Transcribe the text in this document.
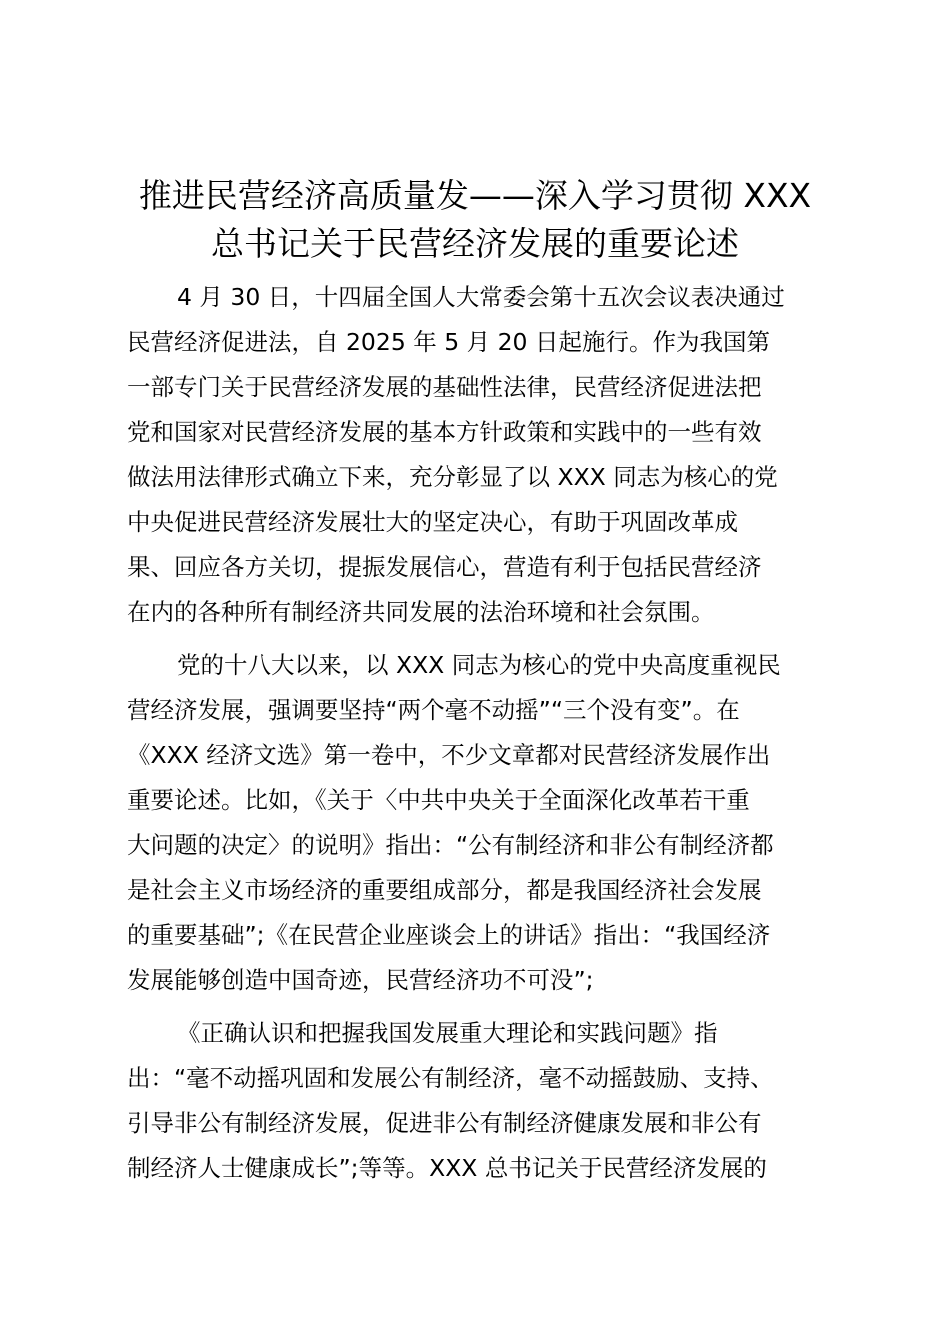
推进民营经济高质量发——深入学习贯彻 XXX
总书记关于民营经济发展的重要论述
4 月 30 日，十四届全国人大常委会第十五次会议表决通过
民营经济促进法，自 2025 年 5 月 20 日起施行。作为我国第
一部专门关于民营经济发展的基础性法律，民营经济促进法把
党和国家对民营经济发展的基本方针政策和实践中的一些有效
做法用法律形式确立下来，充分彰显了以 XXX 同志为核心的党
中央促进民营经济发展壮大的坚定决心，有助于巩固改革成
果、回应各方关切，提振发展信心，营造有利于包括民营经济
在内的各种所有制经济共同发展的法治环境和社会氛围。
党的十八大以来，以 XXX 同志为核心的党中央高度重视民
营经济发展，强调要坚持“两个毫不动摇”“三个没有变”。在
《XXX 经济文选》第一卷中，不少文章都对民营经济发展作出
重要论述。比如，《关于〈中共中央关于全面深化改革若干重
大问题的决定〉的说明》指出：“公有制经济和非公有制经济都
是社会主义市场经济的重要组成部分，都是我国经济社会发展
的重要基础”;《在民营企业座谈会上的讲话》指出：“我国经济
发展能够创造中国奇迹，民营经济功不可没”;
《正确认识和把握我国发展重大理论和实践问题》指
出：“毫不动摇巩固和发展公有制经济，毫不动摇鼓励、支持、
引导非公有制经济发展，促进非公有制经济健康发展和非公有
制经济人士健康成长”;等等。XXX 总书记关于民营经济发展的
